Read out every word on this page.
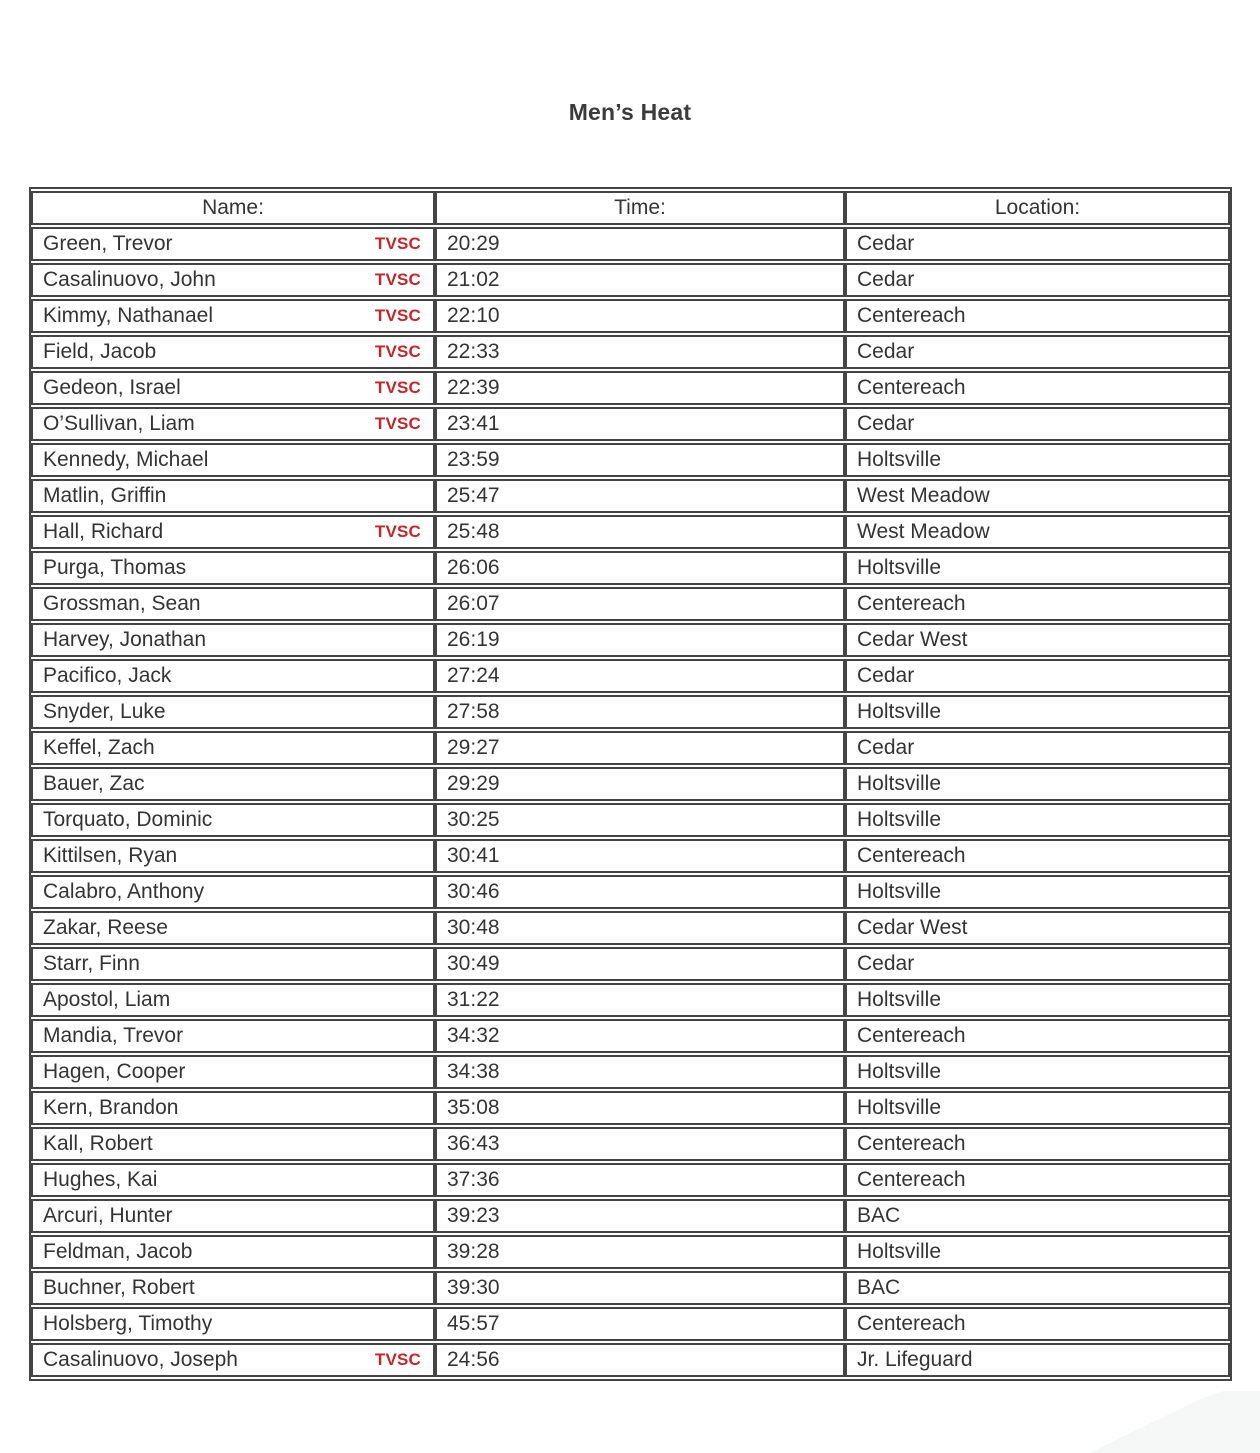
Men’s Heat
Name:	Time:	Location:

Green, Trevor TVSC	20:29	Cedar

Casalinuovo, John TVSC	21:02	Cedar

Kimmy, Nathanael TVSC	22:10	Centereach

Field, Jacob TVSC	22:33	Cedar

Gedeon, Israel TVSC	22:39	Centereach

O’Sullivan, Liam TVSC	23:41	Cedar

Kennedy, Michael	23:59	Holtsville

Matlin, Griffin	25:47	West Meadow

Hall, Richard TVSC	25:48	West Meadow

Purga, Thomas	26:06	Holtsville

Grossman, Sean	26:07	Centereach

Harvey, Jonathan	26:19	Cedar West

Pacifico, Jack	27:24	Cedar

Snyder, Luke	27:58	Holtsville

Keffel, Zach	29:27	Cedar

Bauer, Zac	29:29	Holtsville

Torquato, Dominic	30:25	Holtsville

Kittilsen, Ryan	30:41	Centereach

Calabro, Anthony	30:46	Holtsville

Zakar, Reese	30:48	Cedar West

Starr, Finn	30:49	Cedar

Apostol, Liam	31:22	Holtsville

Mandia, Trevor	34:32	Centereach

Hagen, Cooper	34:38	Holtsville

Kern, Brandon	35:08	Holtsville

Kall, Robert	36:43	Centereach

Hughes, Kai	37:36	Centereach

Arcuri, Hunter	39:23	BAC

Feldman, Jacob	39:28	Holtsville

Buchner, Robert	39:30	BAC

Holsberg, Timothy	45:57	Centereach

Casalinuovo, Joseph TVSC	24:56	Jr. Lifeguard
